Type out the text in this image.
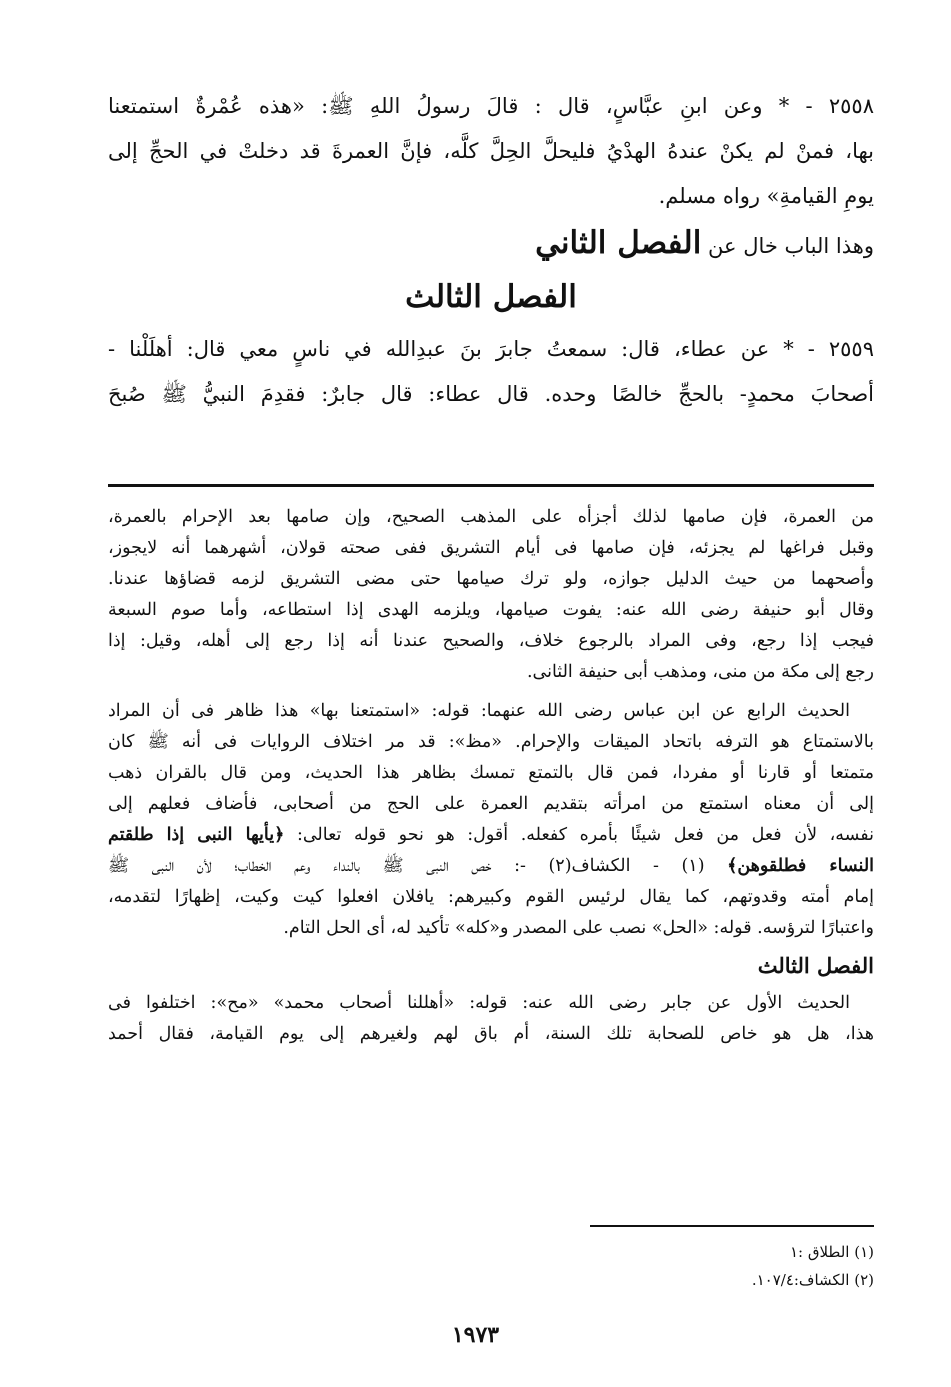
٢٥٥٨ - * وعن ابنِ عبَّاسٍ، قال : قالَ رسولُ اللهِ ﷺ: «هذه عُمْرةٌ استمتعنا
بها، فمنْ لم يكنْ عندهُ الهدْيُ فليحلَّ الحِلَّ كلَّه، فإنَّ العمرةَ قد دخلتْ في الحجِّ إلى
يومِ القيامةِ» رواه مسلم.
وهذا الباب خال عن الفصل الثاني
الفصل الثالث
٢٥٥٩ - * عن عطاء، قال: سمعتُ جابرَ بنَ عبدِالله في ناسٍ معي قال: أهلَلْنا -
أصحابَ محمدٍ- بالحجِّ خالصًا وحده. قال عطاء: قال جابرٌ: فقدِمَ النبيُّ ﷺ صُبحَ
من العمرة، فإن صامها لذلك أجزأه على المذهب الصحيح، وإن صامها بعد الإحرام بالعمرة،
وقبل فراغها لم يجزئه، فإن صامها فى أيام التشريق ففى صحته قولان، أشهرهما أنه لايجوز،
وأصحهما من حيث الدليل جوازه، ولو ترك صيامها حتى مضى التشريق لزمه قضاؤها عندنا.
وقال أبو حنيفة رضى الله عنه: يفوت صيامها، ويلزمه الهدى إذا استطاعه، وأما صوم السبعة
فيجب إذا رجع، وفى المراد بالرجوع خلاف، والصحيح عندنا أنه إذا رجع إلى أهله، وقيل: إذا
رجع إلى مكة من منى، ومذهب أبى حنيفة الثانى.
الحديث الرابع عن ابن عباس رضى الله عنهما: قوله: «استمتعنا بها» هذا ظاهر فى أن المراد
بالاستمتاع هو الترفه باتحاد الميقات والإحرام. «مظ»: قد مر اختلاف الروايات فى أنه ﷺ كان
متمتعا أو قارنا أو مفردا، فمن قال بالتمتع تمسك بظاهر هذا الحديث، ومن قال بالقران ذهب
إلى أن معناه استمتع من امرأته بتقديم العمرة على الحج من أصحابى، فأضاف فعلهم إلى
نفسه، لأن فعل من فعل شيئًا بأمره كفعله. أقول: هو نحو قوله تعالى: ﴿يأيها النبى إذا طلقتم
النساء فطلقوهن﴾ (١) - الكشاف(٢) -: خص النبى ﷺ بالنداء وعم الخطاب؛ لأن النبى ﷺ
إمام أمته وقدوتهم، كما يقال لرئيس القوم وكبيرهم: يافلان افعلوا كيت وكيت، إظهارًا لتقدمه،
واعتبارًا لترؤسه. قوله: «الحل» نصب على المصدر و«كله» تأكيد له، أى الحل التام.
الفصل الثالث
الحديث الأول عن جابر رضى الله عنه: قوله: «أهللنا أصحاب محمد» «مح»: اختلفوا فى
هذا، هل هو خاص للصحابة تلك السنة، أم باق لهم ولغيرهم إلى يوم القيامة، فقال أحمد
(١) الطلاق :١
(٢) الكشاف:١٠٧/٤.
١٩٧٣
